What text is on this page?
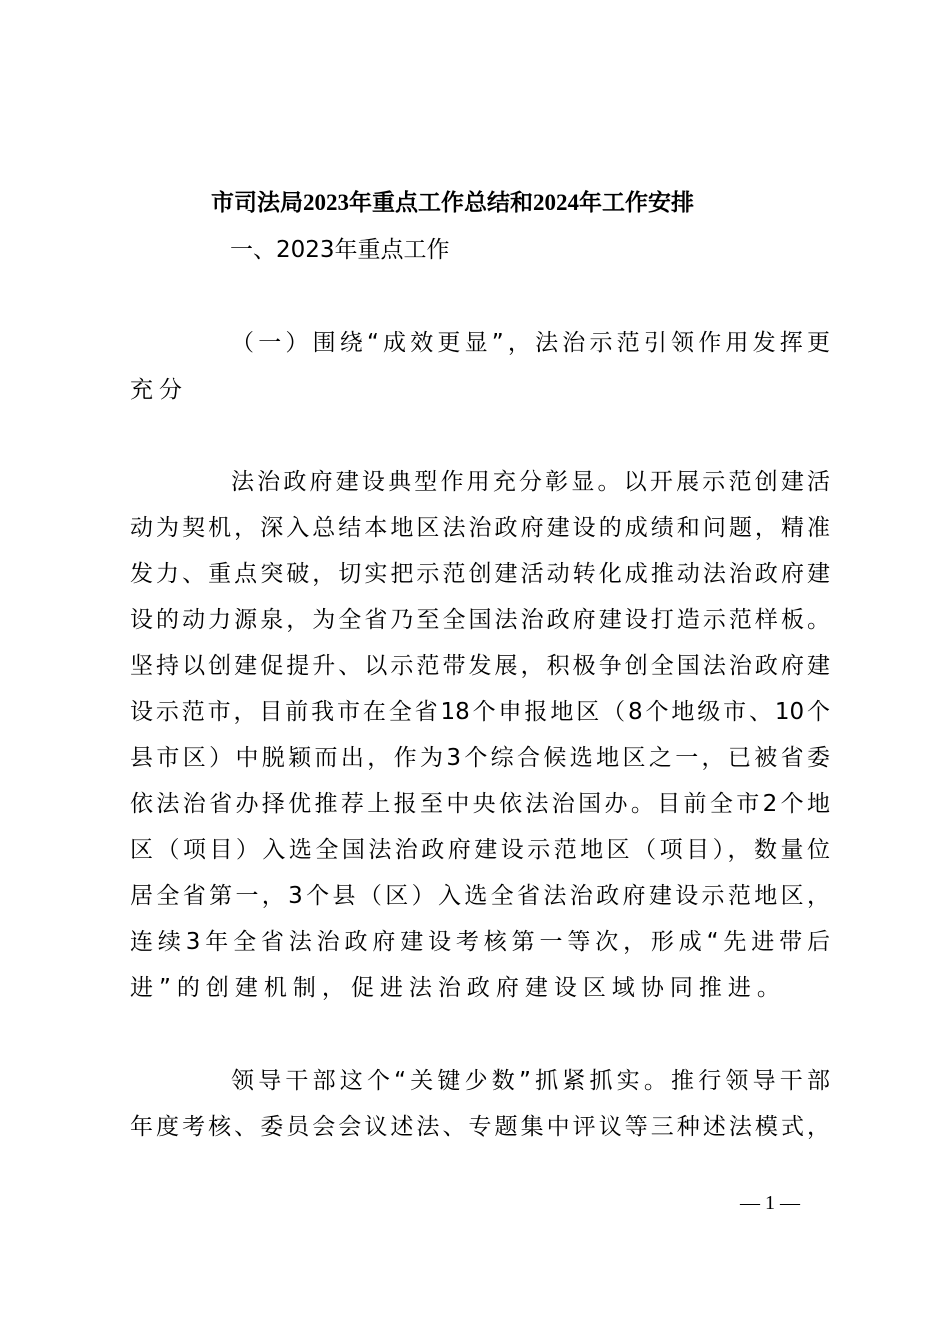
市司法局2023年重点工作总结和2024年工作安排
一、2023年重点工作
（一）围绕“成效更显”，法治示范引领作用发挥更
充分
法治政府建设典型作用充分彰显。以开展示范创建活
动为契机，深入总结本地区法治政府建设的成绩和问题，精准
发力、重点突破，切实把示范创建活动转化成推动法治政府建
设的动力源泉，为全省乃至全国法治政府建设打造示范样板。
坚持以创建促提升、以示范带发展，积极争创全国法治政府建
设示范市，目前我市在全省18个申报地区（8个地级市、10个
县市区）中脱颖而出，作为3个综合候选地区之一，已被省委
依法治省办择优推荐上报至中央依法治国办。目前全市2个地
区（项目）入选全国法治政府建设示范地区（项目），数量位
居全省第一，3个县（区）入选全省法治政府建设示范地区，
连续3年全省法治政府建设考核第一等次，形成“先进带后
进”的创建机制，促进法治政府建设区域协同推进。
领导干部这个“关键少数”抓紧抓实。推行领导干部
年度考核、委员会会议述法、专题集中评议等三种述法模式，
— 1 —
